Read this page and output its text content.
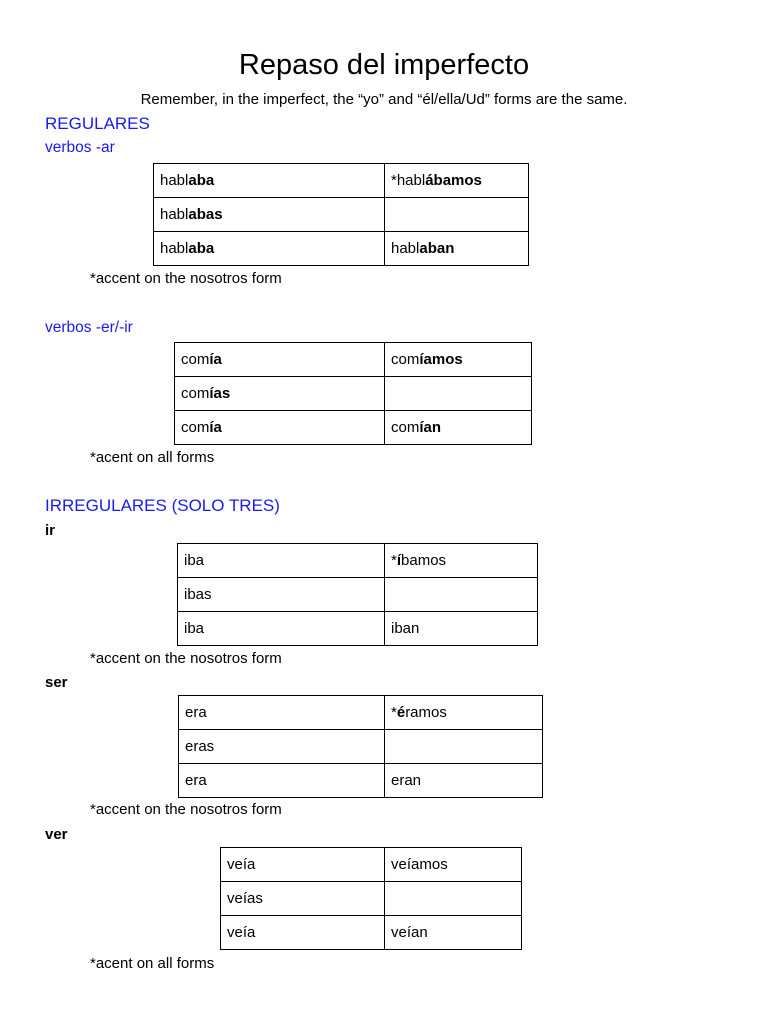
Repaso del imperfecto
Remember, in the imperfect, the “yo” and “él/ella/Ud” forms are the same.
REGULARES
verbos -ar
hablaba	*hablábamos
hablabas	
hablaba	hablaban
*accent on the nosotros form
verbos -er/-ir
comía	comíamos
comías	
comía	comían
*acent on all forms
IRREGULARES (SOLO TRES)
ir
iba	*íbamos
ibas	
iba	iban
*accent on the nosotros form
ser
era	*éramos
eras	
era	eran
*accent on the nosotros form
ver
veía	veíamos
veías	
veía	veían
*acent on all forms
